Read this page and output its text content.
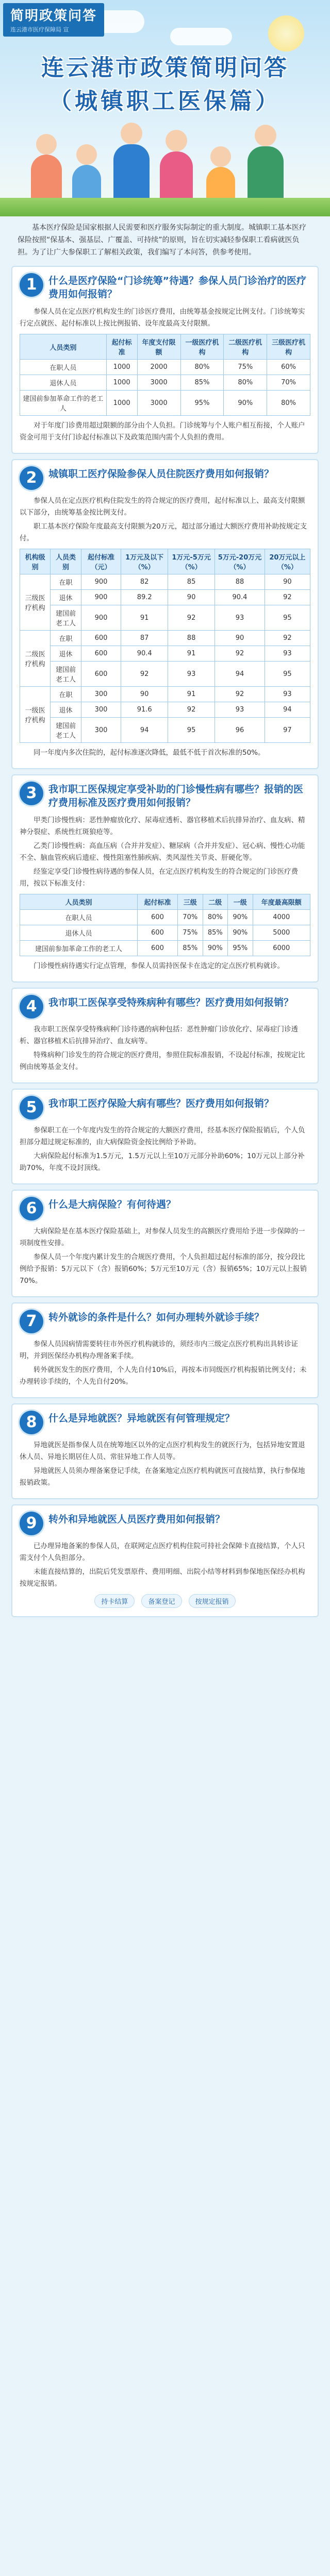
简明政策问答
连云港市医疗保障局 宣
连云港市政策简明问答
（城镇职工医保篇）
基本医疗保险是国家根据人民需要和医疗服务实际制定的重大制度。城镇职工基本医疗保险按照“保基本、强基层、广覆盖、可持续”的原则，旨在切实减轻参保职工看病就医负担。为了让广大参保职工了解相关政策，我们编写了本问答，供参考使用。
1	什么是医疗保险“门诊统筹”待遇？参保人员门诊治疗的医疗费用如何报销？
参保人员在定点医疗机构发生的门诊医疗费用，由统筹基金按规定比例支付。门诊统筹实行定点就医、起付标准以上按比例报销、设年度最高支付限额。
人员类别	起付标准	年度支付限额	一级医疗机构	二级医疗机构	三级医疗机构
在职人员	1000	2000	80%	75%	60%
退休人员	1000	3000	85%	80%	70%
建国前参加革命工作的老工人	1000	3000	95%	90%	80%
对于年度门诊费用超过限额的部分由个人负担。门诊统筹与个人账户相互衔接，个人账户资金可用于支付门诊起付标准以下及政策范围内需个人负担的费用。
2	城镇职工医疗保险参保人员住院医疗费用如何报销？
参保人员在定点医疗机构住院发生的符合规定的医疗费用，起付标准以上、最高支付限额以下部分，由统筹基金按比例支付。
职工基本医疗保险年度最高支付限额为20万元，超过部分通过大额医疗费用补助按规定支付。
机构级别	人员类别	起付标准（元）	1万元及以下（%）	1万元-5万元（%）	5万元-20万元（%）	20万元以上（%）
三级医疗机构	在职	900	82	85	88	90
	退休	900	89.2	90	90.4	92
	建国前老工人	900	91	92	93	95
二级医疗机构	在职	600	87	88	90	92
	退休	600	90.4	91	92	93
	建国前老工人	600	92	93	94	95
一级医疗机构	在职	300	90	91	92	93
	退休	300	91.6	92	93	94
	建国前老工人	300	94	95	96	97
同一年度内多次住院的，起付标准逐次降低，最低不低于首次标准的50%。
3	我市职工医保规定享受补助的门诊慢性病有哪些？报销的医疗费用标准及医疗费用如何报销？
甲类门诊慢性病：恶性肿瘤放化疗、尿毒症透析、器官移植术后抗排异治疗、血友病、精神分裂症、系统性红斑狼疮等。
乙类门诊慢性病：高血压病（合并并发症）、糖尿病（合并并发症）、冠心病、慢性心功能不全、脑血管疾病后遗症、慢性阻塞性肺疾病、类风湿性关节炎、肝硬化等。
经鉴定享受门诊慢性病待遇的参保人员，在定点医疗机构发生的符合规定的门诊医疗费用，按以下标准支付：
人员类别	起付标准	三级	二级	一级	年度最高限额
在职人员	600	70%	80%	90%	4000
退休人员	600	75%	85%	90%	5000
建国前参加革命工作的老工人	600	85%	90%	95%	6000
门诊慢性病待遇实行定点管理，参保人员需持医保卡在选定的定点医疗机构就诊。
4	我市职工医保享受特殊病种有哪些？医疗费用如何报销？
我市职工医保享受特殊病种门诊待遇的病种包括：恶性肿瘤门诊放化疗、尿毒症门诊透析、器官移植术后抗排异治疗、血友病等。
特殊病种门诊发生的符合规定的医疗费用，参照住院标准报销，不设起付标准，按规定比例由统筹基金支付。
5	我市职工医疗保险大病有哪些？医疗费用如何报销？
参保职工在一个年度内发生的符合规定的大额医疗费用，经基本医疗保险报销后，个人负担部分超过规定标准的，由大病保险资金按比例给予补助。
大病保险起付标准为1.5万元，1.5万元以上至10万元部分补助60%；10万元以上部分补助70%，年度不设封顶线。
6	什么是大病保险？有何待遇？
大病保险是在基本医疗保险基础上，对参保人员发生的高额医疗费用给予进一步保障的一项制度性安排。
参保人员一个年度内累计发生的合规医疗费用，个人负担超过起付标准的部分，按分段比例给予报销：5万元以下（含）报销60%；5万元至10万元（含）报销65%；10万元以上报销70%。
7	转外就诊的条件是什么？如何办理转外就诊手续？
参保人员因病情需要转往市外医疗机构就诊的，须经市内三级定点医疗机构出具转诊证明，并到医保经办机构办理备案手续。
转外就医发生的医疗费用，个人先自付10%后，再按本市同级医疗机构报销比例支付；未办理转诊手续的，个人先自付20%。
8	什么是异地就医？异地就医有何管理规定？
异地就医是指参保人员在统筹地区以外的定点医疗机构发生的就医行为，包括异地安置退休人员、异地长期居住人员、常驻异地工作人员等。
异地就医人员须办理备案登记手续，在备案地定点医疗机构就医可直接结算，执行参保地报销政策。
9	转外和异地就医人员医疗费用如何报销？
已办理异地备案的参保人员，在联网定点医疗机构住院可持社会保障卡直接结算，个人只需支付个人负担部分。
未能直接结算的，出院后凭发票原件、费用明细、出院小结等材料到参保地医保经办机构按规定报销。
持卡结算	备案登记	按规定报销
